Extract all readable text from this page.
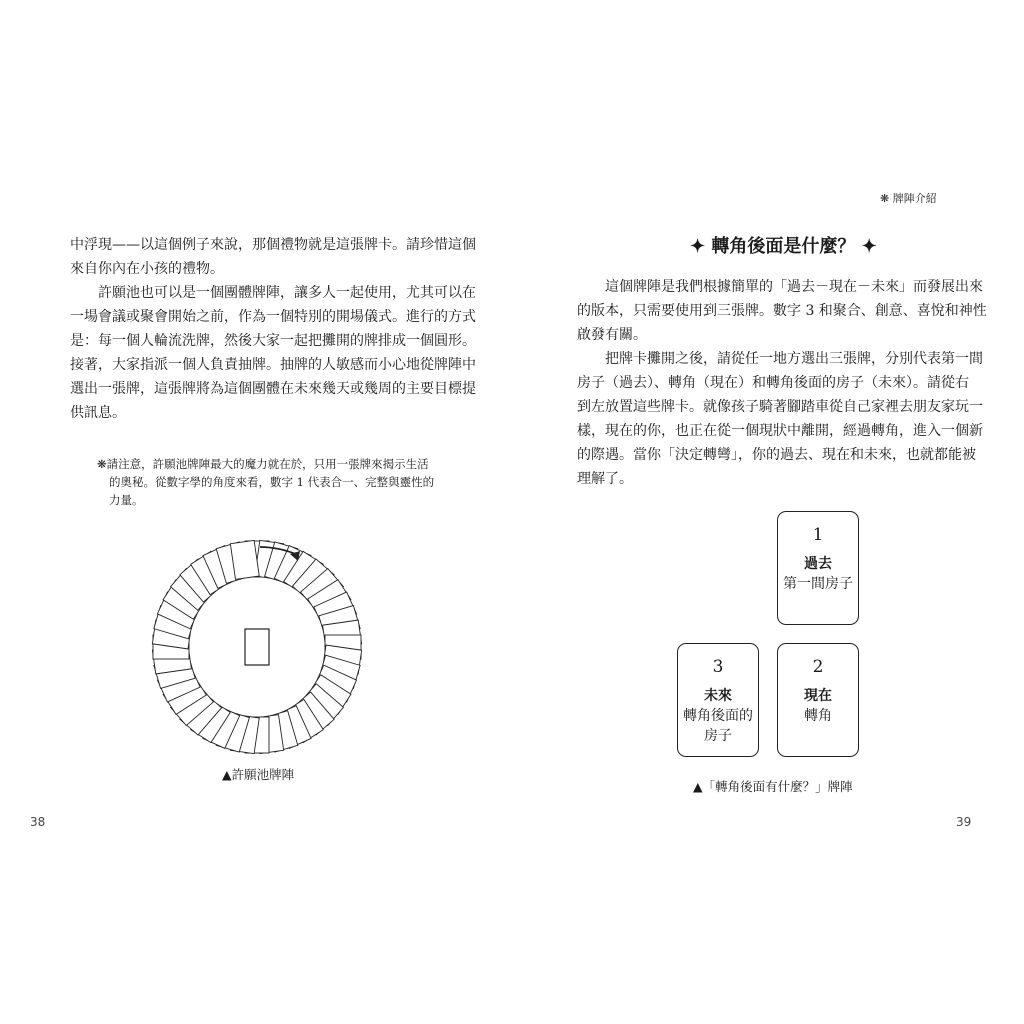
❋ 牌陣介紹

中浮現——以這個例子來說，那個禮物就是這張牌卡。請珍惜這個

來自你內在小孩的禮物。

　　許願池也可以是一個團體牌陣，讓多人一起使用，尤其可以在

一場會議或聚會開始之前，作為一個特別的開場儀式。進行的方式

是：每一個人輪流洗牌，然後大家一起把攤開的牌排成一個圓形。

接著，大家指派一個人負責抽牌。抽牌的人敏感而小心地從牌陣中

選出一張牌，這張牌將為這個團體在未來幾天或幾周的主要目標提

供訊息。

❋請注意，許願池牌陣最大的魔力就在於，只用一張牌來揭示生活

的奧秘。從數字學的角度來看，數字 1 代表合一、完整與靈性的

力量。

▲許願池牌陣
38
✦ 轉角後面是什麼？ ✦

　　這個牌陣是我們根據簡單的「過去－現在－未來」而發展出來

的版本，只需要使用到三張牌。數字 3 和聚合、創意、喜悅和神性

啟發有關。

　　把牌卡攤開之後，請從任一地方選出三張牌，分別代表第一間

房子（過去）、轉角（現在）和轉角後面的房子（未來）。請從右

到左放置這些牌卡。就像孩子騎著腳踏車從自己家裡去朋友家玩一

樣，現在的你，也正在從一個現狀中離開，經過轉角，進入一個新

的際遇。當你「決定轉彎」，你的過去、現在和未來，也就都能被

理解了。

1
過去
第一間房子
2
現在
轉角
3
未來
轉角後面的
房子
▲「轉角後面有什麼？」牌陣
39
